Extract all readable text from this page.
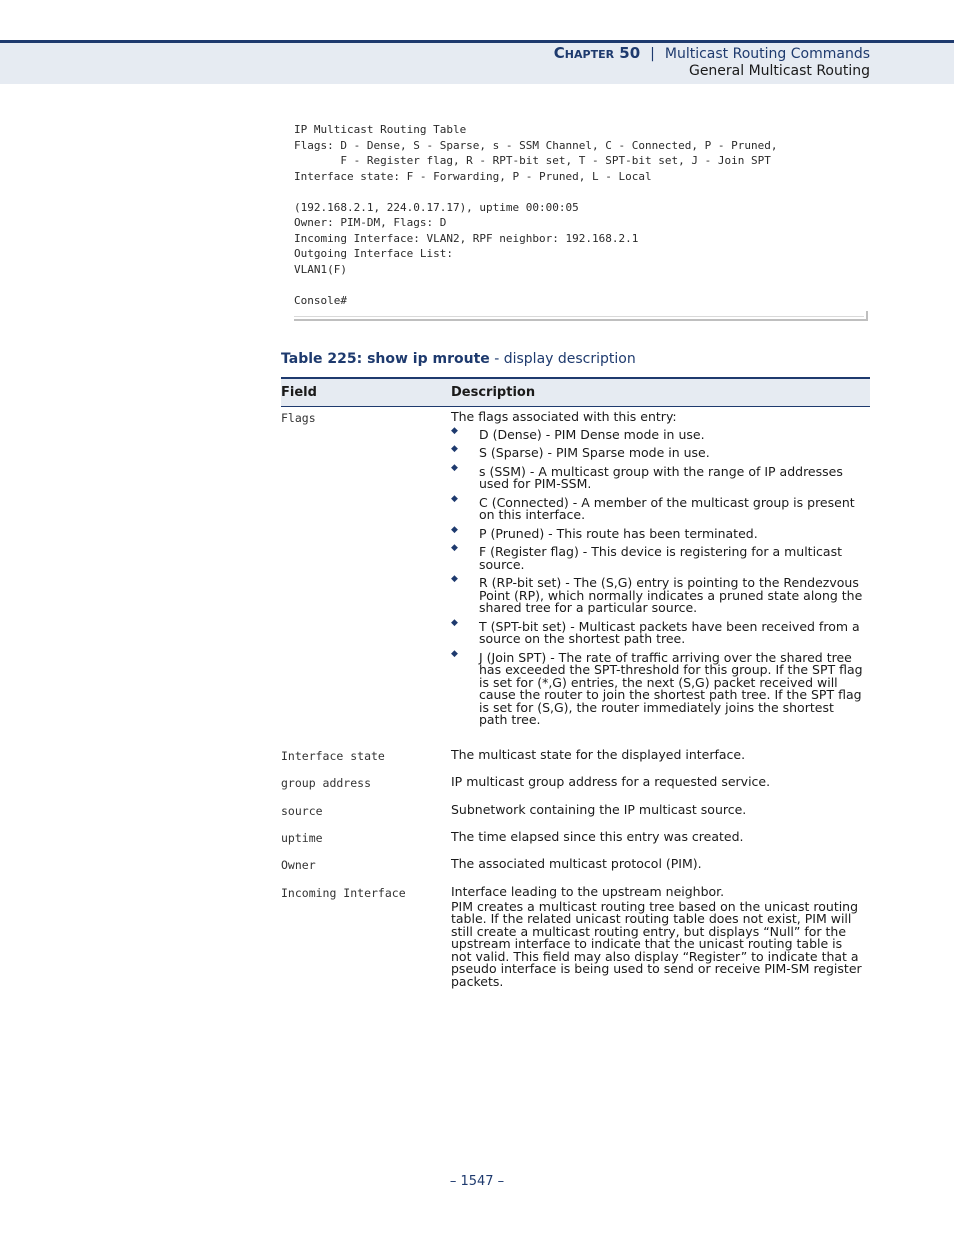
Chapter 50 | Multicast Routing Commands
General Multicast Routing
IP Multicast Routing Table
Flags: D - Dense, S - Sparse, s - SSM Channel, C - Connected, P - Pruned,
F - Register flag, R - RPT-bit set, T - SPT-bit set, J - Join SPT
Interface state: F - Forwarding, P - Pruned, L - Local

(192.168.2.1, 224.0.17.17), uptime 00:00:05
Owner: PIM-DM, Flags: D
Incoming Interface: VLAN2, RPF neighbor: 192.168.2.1
Outgoing Interface List:
VLAN1(F)

Console#
Table 225: show ip mroute - display description
Field	Description
Flags	The flags associated with this entry:

◆ D (Dense) - PIM Dense mode in use.
◆ S (Sparse) - PIM Sparse mode in use.
◆ s (SSM) - A multicast group with the range of IP addresses used for PIM-SSM.
◆ C (Connected) - A member of the multicast group is present on this interface.
◆ P (Pruned) - This route has been terminated.
◆ F (Register flag) - This device is registering for a multicast source.
◆ R (RP-bit set) - The (S,G) entry is pointing to the Rendezvous Point (RP), which normally indicates a pruned state along the shared tree for a particular source.
◆ T (SPT-bit set) - Multicast packets have been received from a source on the shortest path tree.
◆ J (Join SPT) - The rate of traffic arriving over the shared tree has exceeded the SPT-threshold for this group. If the SPT flag is set for (*,G) entries, the next (S,G) packet received will cause the router to join the shortest path tree. If the SPT flag is set for (S,G), the router immediately joins the shortest path tree.
Interface state	The multicast state for the displayed interface.
group address	IP multicast group address for a requested service.
source	Subnetwork containing the IP multicast source.
uptime	The time elapsed since this entry was created.
Owner	The associated multicast protocol (PIM).
Incoming Interface	Interface leading to the upstream neighbor.

PIM creates a multicast routing tree based on the unicast routing table. If the related unicast routing table does not exist, PIM will still create a multicast routing entry, but displays “Null” for the upstream interface to indicate that the unicast routing table is not valid. This field may also display “Register” to indicate that a pseudo interface is being used to send or receive PIM-SM register packets.

– 1547 –
